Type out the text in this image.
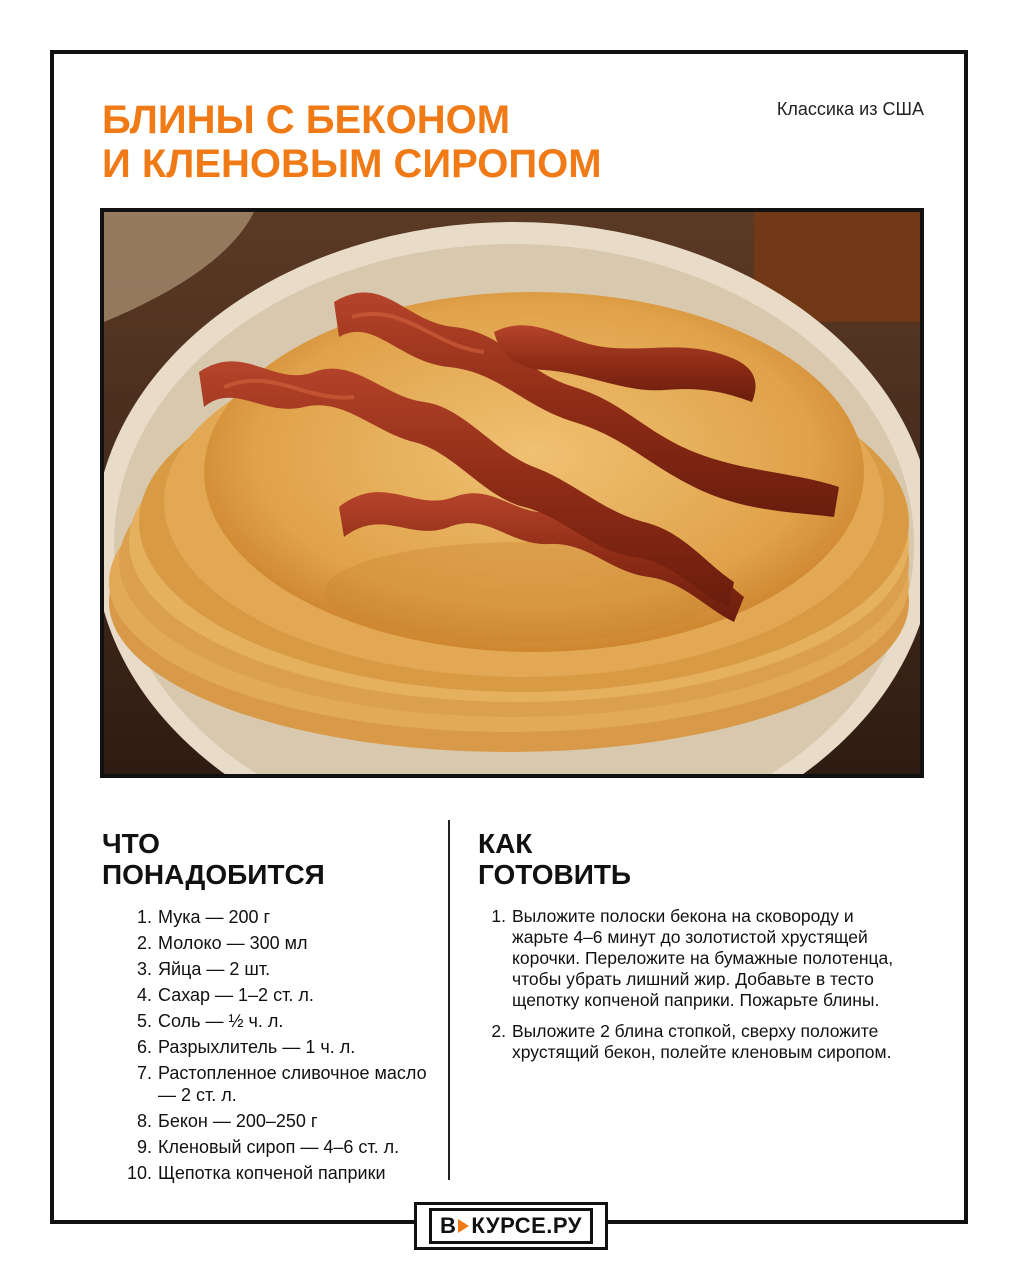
БЛИНЫ С БЕКОНОМ
И КЛЕНОВЫМ СИРОПОМ
Классика из США
ЧТО
ПОНАДОБИТСЯ
1. Мука — 200 г
2. Молоко — 300 мл
3. Яйца — 2 шт.
4. Сахар — 1–2 ст. л.
5. Соль — ½ ч. л.
6. Разрыхлитель — 1 ч. л.
7. Растопленное сливочное масло — 2 ст. л.
8. Бекон — 200–250 г
9. Кленовый сироп — 4–6 ст. л.
10. Щепотка копченой паприки
КАК
ГОТОВИТЬ
1. Выложите полоски бекона на сковороду и жарьте 4–6 минут до золотистой хрустящей корочки. Переложите на бумажные полотенца, чтобы убрать лишний жир. Добавьте в тесто щепотку копченой паприки. Пожарьте блины.
2. Выложите 2 блина стопкой, сверху положите хрустящий бекон, полейте кленовым сиропом.
В КУРСЕ.РУ
